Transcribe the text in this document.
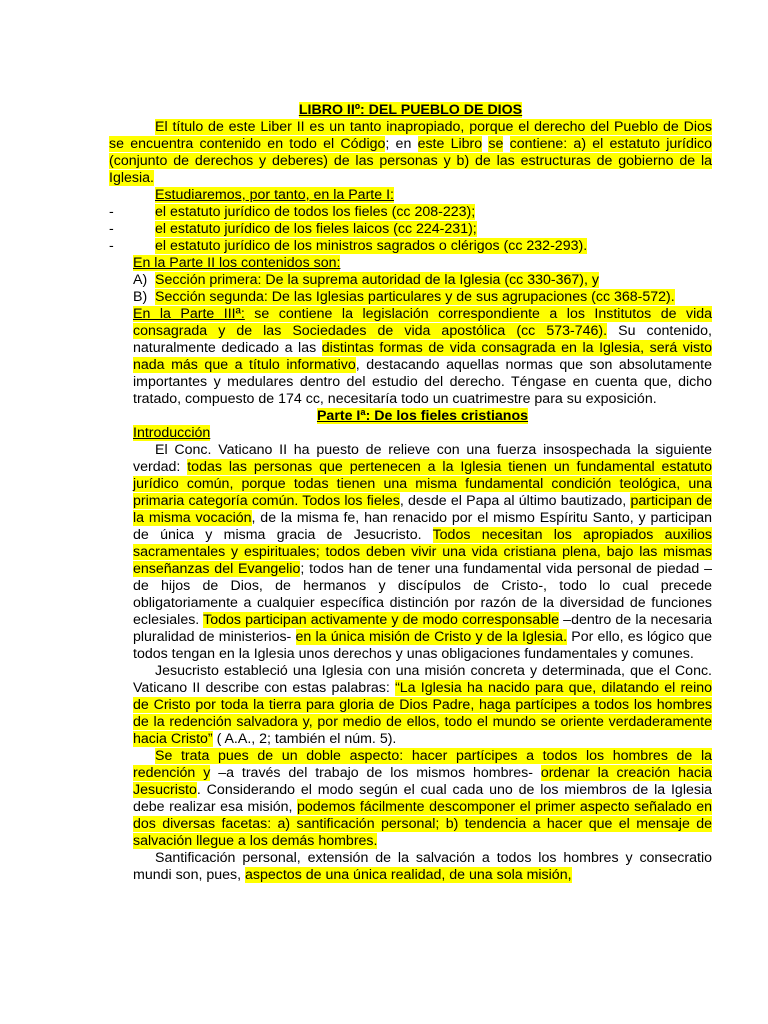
LIBRO IIº: DEL PUEBLO DE DIOS
El título de este Liber II es un tanto inapropiado, porque el derecho del Pueblo de Dios se encuentra contenido en todo el Código; en este Libro se contiene: a) el estatuto jurídico (conjunto de derechos y deberes) de las personas y b) de las estructuras de gobierno de la Iglesia.
Estudiaremos, por tanto, en la Parte I:
-	el estatuto jurídico de todos los fieles (cc 208-223);
-	el estatuto jurídico de los fieles laicos (cc 224-231);
-	el estatuto jurídico de los ministros sagrados o clérigos (cc 232-293).
En la Parte II los contenidos son:
A) Sección primera: De la suprema autoridad de la Iglesia (cc 330-367), y
B) Sección segunda: De las Iglesias particulares y de sus agrupaciones (cc 368-572).
En la Parte IIIª: se contiene la legislación correspondiente a los Institutos de vida consagrada y de las Sociedades de vida apostólica (cc 573-746). Su contenido, naturalmente dedicado a las distintas formas de vida consagrada en la Iglesia, será visto nada más que a título informativo, destacando aquellas normas que son absolutamente importantes y medulares dentro del estudio del derecho. Téngase en cuenta que, dicho tratado, compuesto de 174 cc, necesitaría todo un cuatrimestre para su exposición.
Parte Iª: De los fieles cristianos
Introducción
El Conc. Vaticano II ha puesto de relieve con una fuerza insospechada la siguiente verdad: todas las personas que pertenecen a la Iglesia tienen un fundamental estatuto jurídico común, porque todas tienen una misma fundamental condición teológica, una primaria categoría común. Todos los fieles, desde el Papa al último bautizado, participan de la misma vocación, de la misma fe, han renacido por el mismo Espíritu Santo, y participan de única y misma gracia de Jesucristo. Todos necesitan los apropiados auxilios sacramentales y espirituales; todos deben vivir una vida cristiana plena, bajo las mismas enseñanzas del Evangelio; todos han de tener una fundamental vida personal de piedad –de hijos de Dios, de hermanos y discípulos de Cristo-, todo lo cual precede obligatoriamente a cualquier específica distinción por razón de la diversidad de funciones eclesiales. Todos participan activamente y de modo corresponsable –dentro de la necesaria pluralidad de ministerios- en la única misión de Cristo y de la Iglesia. Por ello, es lógico que todos tengan en la Iglesia unos derechos y unas obligaciones fundamentales y comunes.
Jesucristo estableció una Iglesia con una misión concreta y determinada, que el Conc. Vaticano II describe con estas palabras: “La Iglesia ha nacido para que, dilatando el reino de Cristo por toda la tierra para gloria de Dios Padre, haga partícipes a todos los hombres de la redención salvadora y, por medio de ellos, todo el mundo se oriente verdaderamente hacia Cristo” ( A.A., 2; también el núm. 5).
Se trata pues de un doble aspecto: hacer partícipes a todos los hombres de la redención y –a través del trabajo de los mismos hombres- ordenar la creación hacia Jesucristo. Considerando el modo según el cual cada uno de los miembros de la Iglesia debe realizar esa misión, podemos fácilmente descomponer el primer aspecto señalado en dos diversas facetas: a) santificación personal; b) tendencia a hacer que el mensaje de salvación llegue a los demás hombres.
Santificación personal, extensión de la salvación a todos los hombres y consecratio mundi son, pues, aspectos de una única realidad, de una sola misión,
